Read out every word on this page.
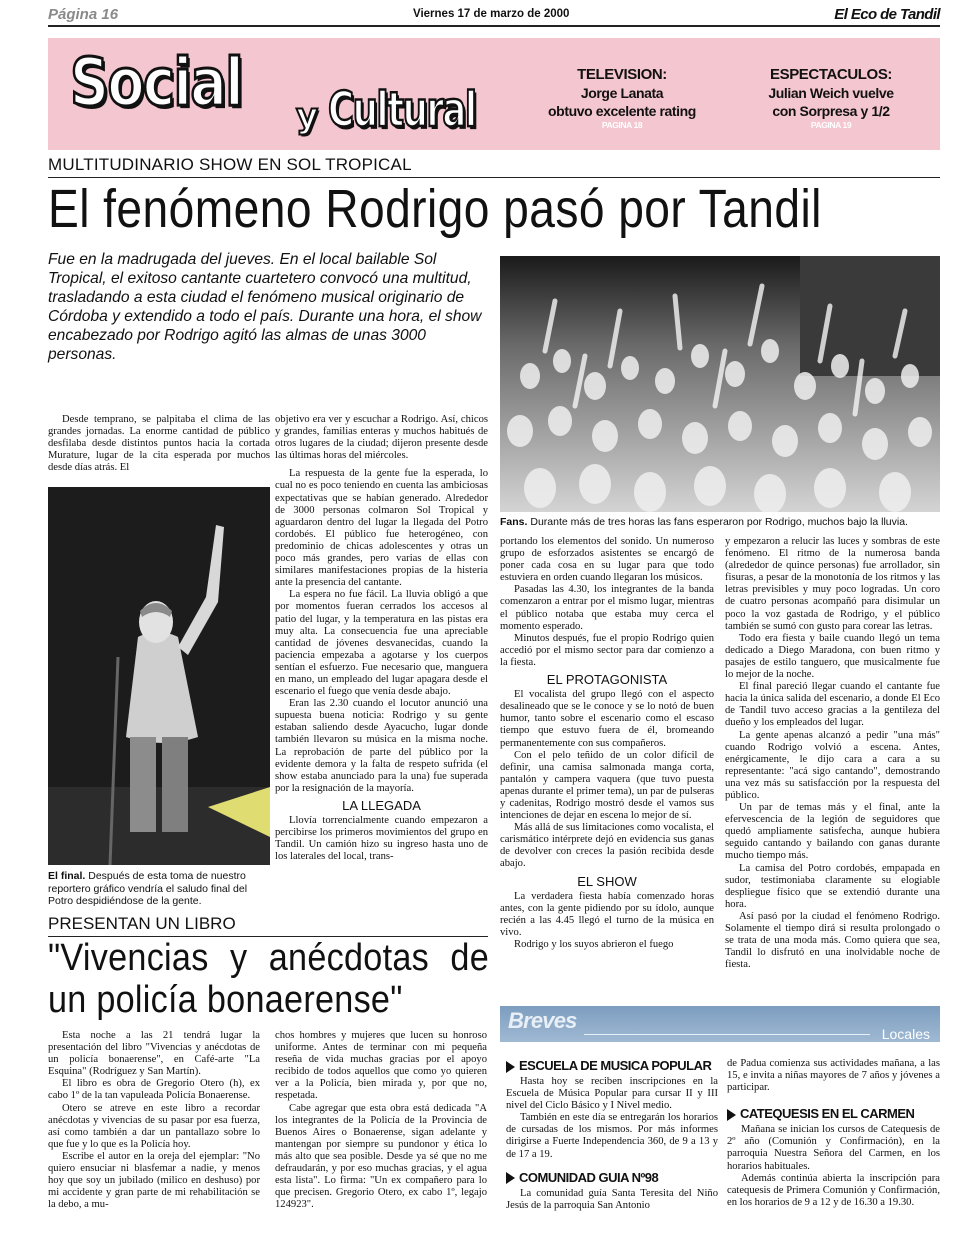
Página 16	Viernes 17 de marzo de 2000	El Eco de Tandil
Social y Cultural
TELEVISION:
Jorge Lanata
obtuvo excelente rating
PAGINA 18
ESPECTACULOS:
Julian Weich vuelve
con Sorpresa y 1/2
PAGINA 19
MULTITUDINARIO SHOW EN SOL TROPICAL
El fenómeno Rodrigo pasó por Tandil
Fue en la madrugada del jueves. En el local bailable Sol Tropical, el exitoso cantante cuartetero convocó una multitud, trasladando a esta ciudad el fenómeno musical originario de Córdoba y extendido a todo el país. Durante una hora, el show encabezado por Rodrigo agitó las almas de unas 3000 personas.
Fans. Durante más de tres horas las fans esperaron por Rodrigo, muchos bajo la lluvia.

Desde temprano, se palpitaba el clima de las grandes jornadas. La enorme cantidad de público desfilaba desde distintos puntos hacia la cortada Murature, lugar de la cita esperada por muchos desde días atrás. El

El final. Después de esta toma de nuestro reportero gráfico vendría el saludo final del Potro despidiéndose de la gente.

objetivo era ver y escuchar a Rodrigo. Así, chicos y grandes, familias enteras y muchos habitués de otros lugares de la ciudad; dijeron presente desde las últimas horas del miércoles.

La respuesta de la gente fue la esperada, lo cual no es poco teniendo en cuenta las ambiciosas expectativas que se habían generado. Alrededor de 3000 personas colmaron Sol Tropical y aguardaron dentro del lugar la llegada del Potro cordobés. El público fue heterogéneo, con predominio de chicas adolescentes y otras un poco más grandes, pero varias de ellas con similares manifestaciones propias de la histeria ante la presencia del cantante.

La espera no fue fácil. La lluvia obligó a que por momentos fueran cerrados los accesos al patio del lugar, y la temperatura en las pistas era muy alta. La consecuencia fue una apreciable cantidad de jóvenes desvanecidas, cuando la paciencia empezaba a agotarse y los cuerpos sentían el esfuerzo. Fue necesario que, manguera en mano, un empleado del lugar apagara desde el escenario el fuego que venía desde abajo.

Eran las 2.30 cuando el locutor anunció una supuesta buena noticia: Rodrigo y su gente estaban saliendo desde Ayacucho, lugar donde también llevaron su música en la misma noche. La reprobación de parte del público por la evidente demora y la falta de respeto sufrida (el show estaba anunciado para la una) fue superada por la resignación de la mayoría.

LA LLEGADA

Llovía torrencialmente cuando empezaron a percibirse los primeros movimientos del grupo en Tandil. Un camión hizo su ingreso hasta uno de los laterales del local, trans-

portando los elementos del sonido. Un numeroso grupo de esforzados asistentes se encargó de poner cada cosa en su lugar para que todo estuviera en orden cuando llegaran los músicos.

Pasadas las 4.30, los integrantes de la banda comenzaron a entrar por el mismo lugar, mientras el público notaba que estaba muy cerca el momento esperado.

Minutos después, fue el propio Rodrigo quien accedió por el mismo sector para dar comienzo a la fiesta.

EL PROTAGONISTA

El vocalista del grupo llegó con el aspecto desalineado que se le conoce y se lo notó de buen humor, tanto sobre el escenario como el escaso tiempo que estuvo fuera de él, bromeando permanentemente con sus compañeros.

Con el pelo teñido de un color difícil de definir, una camisa salmonada manga corta, pantalón y campera vaquera (que tuvo puesta apenas durante el primer tema), un par de pulseras y cadenitas, Rodrigo mostró desde el vamos sus intenciones de dejar en escena lo mejor de sí.

Más allá de sus limitaciones como vocalista, el carismático intérprete dejó en evidencia sus ganas de devolver con creces la pasión recibida desde abajo.

EL SHOW

La verdadera fiesta había comenzado horas antes, con la gente pidiendo por su ídolo, aunque recién a las 4.45 llegó el turno de la música en vivo.

Rodrigo y los suyos abrieron el fuego

y empezaron a relucir las luces y sombras de este fenómeno. El ritmo de la numerosa banda (alrededor de quince personas) fue arrollador, sin fisuras, a pesar de la monotonía de los ritmos y las letras previsibles y muy poco logradas. Un coro de cuatro personas acompañó para disimular un poco la voz gastada de Rodrigo, y el público también se sumó con gusto para corear las letras.

Todo era fiesta y baile cuando llegó un tema dedicado a Diego Maradona, con buen ritmo y pasajes de estilo tanguero, que musicalmente fue lo mejor de la noche.

El final pareció llegar cuando el cantante fue hacia la única salida del escenario, a donde El Eco de Tandil tuvo acceso gracias a la gentileza del dueño y los empleados del lugar.

La gente apenas alcanzó a pedir "una más" cuando Rodrigo volvió a escena. Antes, enérgicamente, le dijo cara a cara a su representante: "acá sigo cantando", demostrando una vez más su satisfacción por la respuesta del público.

Un par de temas más y el final, ante la efervescencia de la legión de seguidores que quedó ampliamente satisfecha, aunque hubiera seguido cantando y bailando con ganas durante mucho tiempo más.

La camisa del Potro cordobés, empapada en sudor, testimoniaba claramente su elogiable despliegue físico que se extendió durante una hora.

Así pasó por la ciudad el fenómeno Rodrigo. Solamente el tiempo dirá si resulta prolongado o se trata de una moda más. Como quiera que sea, Tandil lo disfrutó en una inolvidable noche de fiesta.

PRESENTAN UN LIBRO
"Vivencias y anécdotas de un policía bonaerense"

Esta noche a las 21 tendrá lugar la presentación del libro "Vivencias y anécdotas de un policía bonaerense", en Café-arte "La Esquina" (Rodríguez y San Martín).

El libro es obra de Gregorio Otero (h), ex cabo 1º de la tan vapuleada Policía Bonaerense.

Otero se atreve en este libro a recordar anécdotas y vivencias de su pasar por esa fuerza, así como también a dar un pantallazo sobre lo que fue y lo que es la Policía hoy.

Escribe el autor en la oreja del ejemplar: "No quiero ensuciar ni blasfemar a nadie, y menos hoy que soy un jubilado (milico en deshuso) por mi accidente y gran parte de mi rehabilitación se la debo, a mu-

chos hombres y mujeres que lucen su honroso uniforme. Antes de terminar con mi pequeña reseña de vida muchas gracias por el apoyo recibido de todos aquellos que como yo quieren ver a la Policía, bien mirada y, por que no, respetada.

Cabe agregar que esta obra está dedicada "A los integrantes de la Policía de la Provincia de Buenos Aires o Bonaerense, sigan adelante y mantengan por siempre su pundonor y ética lo más alto que sea posible. Desde ya sé que no me defraudarán, y por eso muchas gracias, y el agua esta lista". Lo firma: "Un ex compañero para lo que precisen. Gregorio Otero, ex cabo 1º, legajo 124923".

Breves
Locales
ESCUELA DE MUSICA POPULAR

Hasta hoy se reciben inscripciones en la Escuela de Música Popular para cursar II y III nivel del Ciclo Básico y I Nivel medio.

También en este día se entregarán los horarios de cursadas de los mismos. Por más informes dirigirse a Fuerte Independencia 360, de 9 a 13 y de 17 a 19.

COMUNIDAD GUIA Nº98

La comunidad guía Santa Teresita del Niño Jesús de la parroquia San Antonio

de Padua comienza sus actividades mañana, a las 15, e invita a niñas mayores de 7 años y jóvenes a participar.

CATEQUESIS EN EL CARMEN

Mañana se inician los cursos de Catequesis de 2º año (Comunión y Confirmación), en la parroquia Nuestra Señora del Carmen, en los horarios habituales.

Además continúa abierta la inscripción para catequesis de Primera Comunión y Confirmación, en los horarios de 9 a 12 y de 16.30 a 19.30.
